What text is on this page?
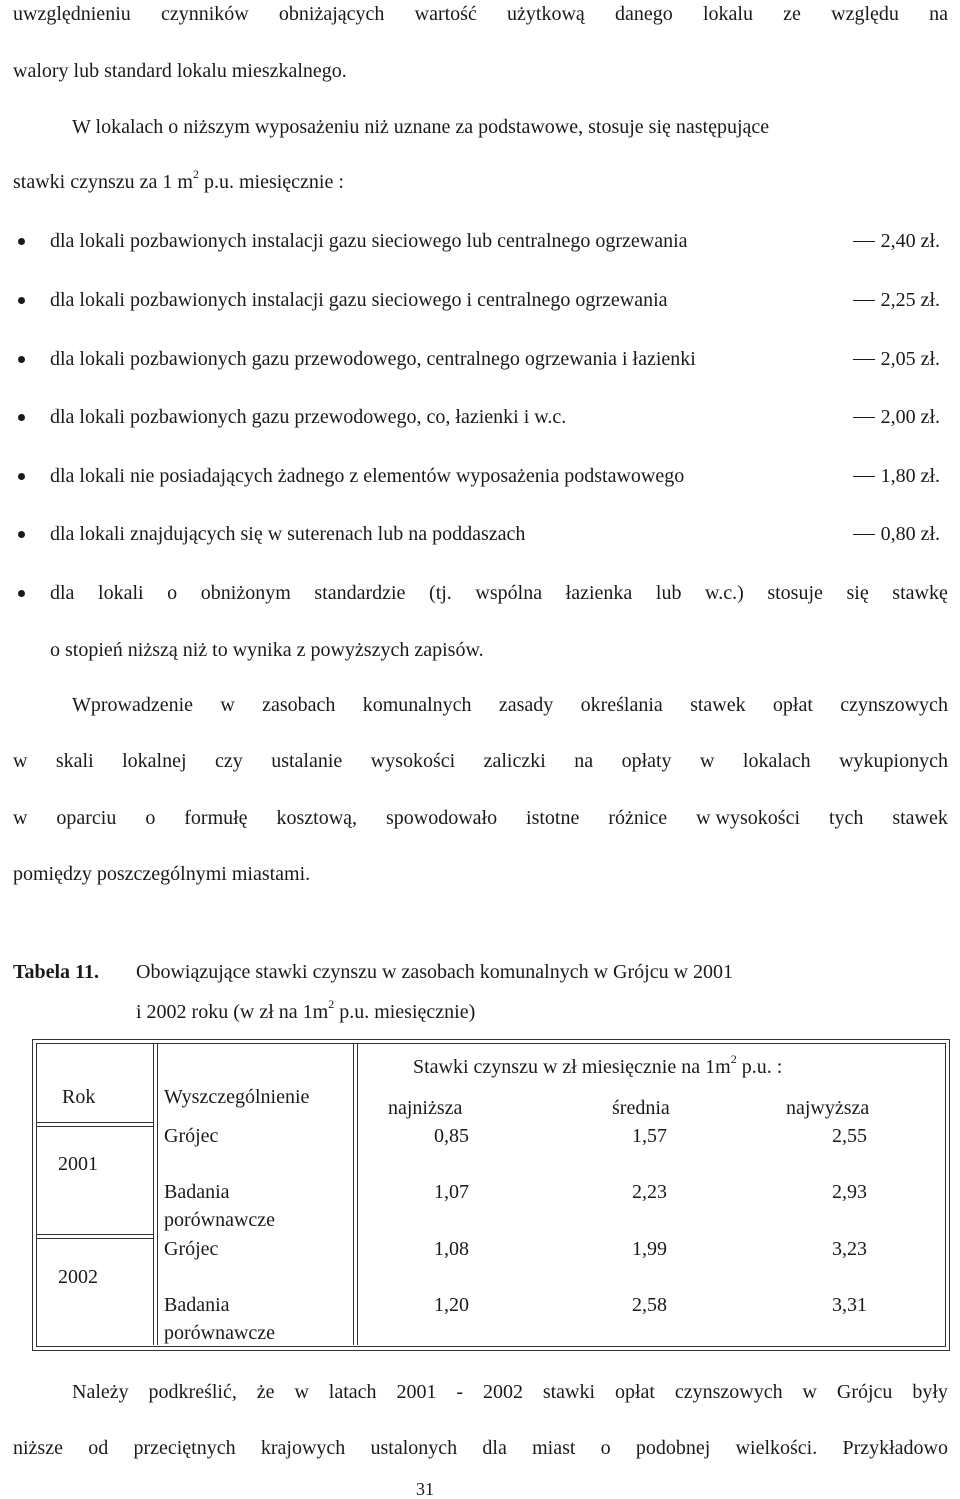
uwzględnieniu czynników obniżających wartość użytkową danego lokalu ze względu na
walory lub standard lokalu mieszkalnego.
W lokalach o niższym wyposażeniu niż uznane za podstawowe, stosuje się następujące
stawki czynszu za 1 $m^2$ p.u. miesięcznie :
dla lokali pozbawionych instalacji gazu sieciowego lub centralnego ogrzewania	2,40 zł.
dla lokali pozbawionych instalacji gazu sieciowego i centralnego ogrzewania	2,25 zł.
dla lokali pozbawionych gazu przewodowego, centralnego ogrzewania i łazienki	2,05 zł.
dla lokali pozbawionych gazu przewodowego, co, łazienki i w.c.	2,00 zł.
dla lokali nie posiadających żadnego z elementów wyposażenia podstawowego	1,80 zł.
dla lokali znajdujących się w suterenach lub na poddaszach	0,80 zł.
dla lokali o obniżonym standardzie (tj. wspólna łazienka lub w.c.) stosuje się stawkę
o stopień niższą niż to wynika z powyższych zapisów.
Wprowadzenie w zasobach komunalnych zasady określania stawek opłat czynszowych
w skali lokalnej czy ustalanie wysokości zaliczki na opłaty w lokalach wykupionych
w oparciu o formułę kosztową, spowodowało istotne różnice w wysokości tych stawek
pomiędzy poszczególnymi miastami.
Tabela 11. Obowiązujące stawki czynszu w zasobach komunalnych w Grójcu w 2001
i 2002 roku (w zł na $1m^2$ p.u. miesięcznie)
Stawki czynszu w zł miesięcznie na $1m^2$ p.u. :
Rok	Wyszczególnienie	najniższa	średnia	najwyższa
2001
Grójec	0,85	1,57	2,55
Badania
porównawcze
1,07	2,23	2,93
2002
Grójec	1,08	1,99	3,23
Badania
porównawcze
1,20	2,58	3,31
Należy podkreślić, że w latach 2001 - 2002 stawki opłat czynszowych w Grójcu były
niższe od przeciętnych krajowych ustalonych dla miast o podobnej wielkości. Przykładowo
31
